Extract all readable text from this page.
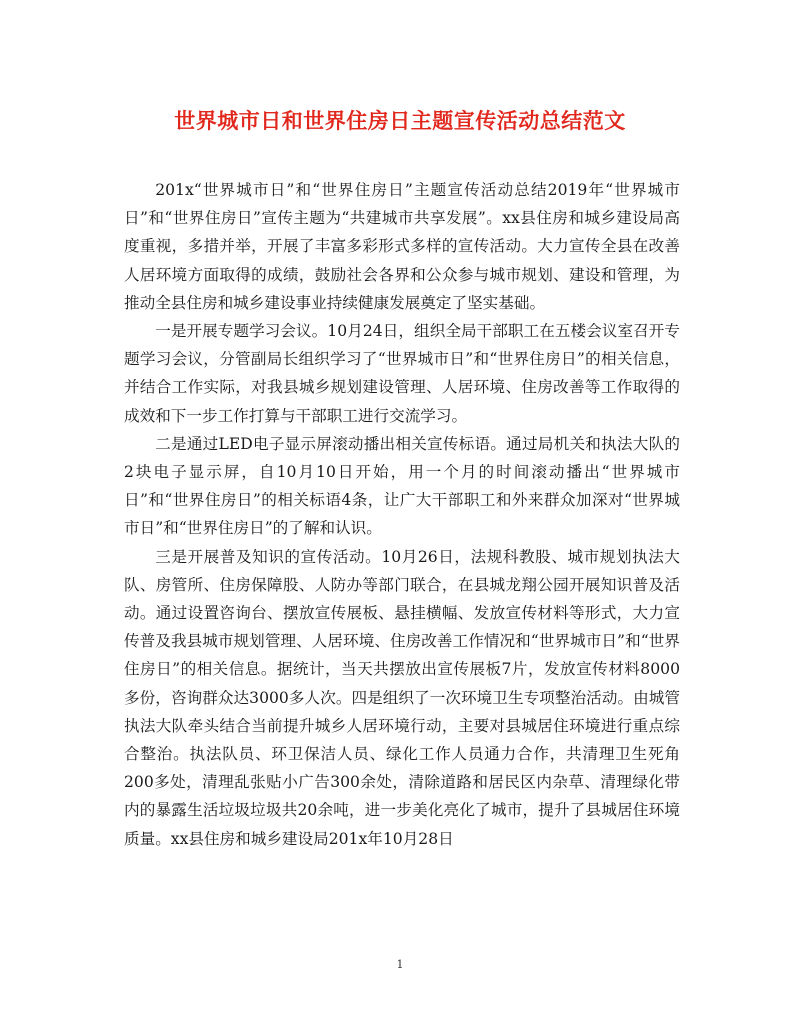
世界城市日和世界住房日主题宣传活动总结范文

201x“世界城市日”和“世界住房日”主题宣传活动总结2019年“世界城市日”和“世界住房日”宣传主题为“共建城市共享发展”。xx县住房和城乡建设局高度重视，多措并举，开展了丰富多彩形式多样的宣传活动。大力宣传全县在改善人居环境方面取得的成绩，鼓励社会各界和公众参与城市规划、建设和管理，为推动全县住房和城乡建设事业持续健康发展奠定了坚实基础。

一是开展专题学习会议。10月24日，组织全局干部职工在五楼会议室召开专题学习会议，分管副局长组织学习了“世界城市日”和“世界住房日”的相关信息，并结合工作实际，对我县城乡规划建设管理、人居环境、住房改善等工作取得的成效和下一步工作打算与干部职工进行交流学习。

二是通过LED电子显示屏滚动播出相关宣传标语。通过局机关和执法大队的2块电子显示屏，自10月10日开始，用一个月的时间滚动播出“世界城市日”和“世界住房日”的相关标语4条，让广大干部职工和外来群众加深对“世界城市日”和“世界住房日”的了解和认识。

三是开展普及知识的宣传活动。10月26日，法规科教股、城市规划执法大队、房管所、住房保障股、人防办等部门联合，在县城龙翔公园开展知识普及活动。通过设置咨询台、摆放宣传展板、悬挂横幅、发放宣传材料等形式，大力宣传普及我县城市规划管理、人居环境、住房改善工作情况和“世界城市日”和“世界住房日”的相关信息。据统计，当天共摆放出宣传展板7片，发放宣传材料8000多份，咨询群众达3000多人次。四是组织了一次环境卫生专项整治活动。由城管执法大队牵头结合当前提升城乡人居环境行动，主要对县城居住环境进行重点综合整治。执法队员、环卫保洁人员、绿化工作人员通力合作，共清理卫生死角200多处，清理乱张贴小广告300余处，清除道路和居民区内杂草、清理绿化带内的暴露生活垃圾垃圾共20余吨，进一步美化亮化了城市，提升了县城居住环境质量。xx县住房和城乡建设局201x年10月28日

1
